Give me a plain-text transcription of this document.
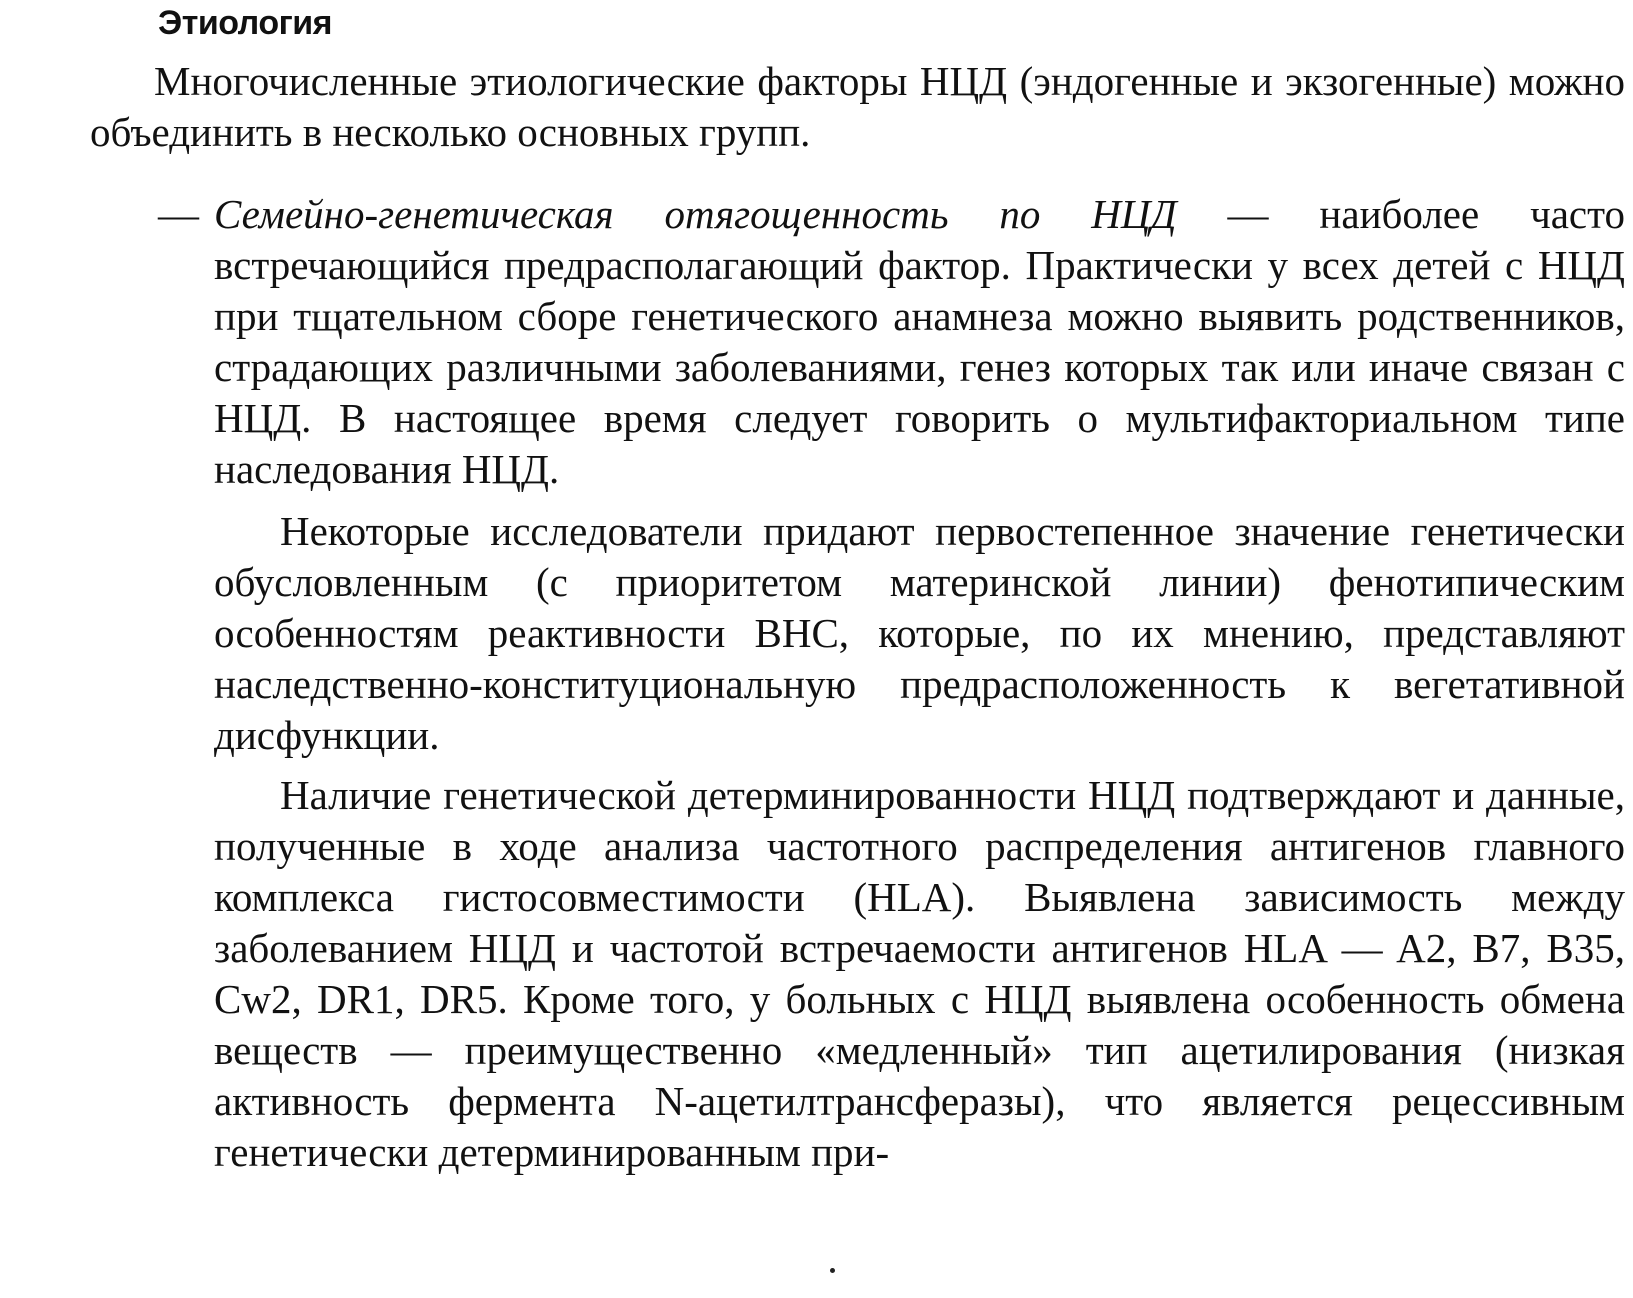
Этиология

Многочисленные этиологические факторы НЦД (эндогенные и экзогенные) можно объединить в несколько основных групп.

— Семейно-генетическая отягощенность по НЦД — наиболее часто встречающийся предрасполагающий фактор. Практически у всех детей с НЦД при тщательном сборе генетического анамнеза можно выявить родственников, страдающих различными заболеваниями, генез которых так или иначе связан с НЦД. В настоящее время следует говорить о мультифакториальном типе наследования НЦД.

Некоторые исследователи придают первостепенное значение генетически обусловленным (с приоритетом материнской линии) фенотипическим особенностям реактивности ВНС, которые, по их мнению, представляют наследственно-конституциональную предрасположенность к вегетативной дисфункции.

Наличие генетической детерминированности НЦД подтверждают и данные, полученные в ходе анализа частотного распределения антигенов главного комплекса гистосовместимости (HLA). Выявлена зависимость между заболеванием НЦД и частотой встречаемости антигенов HLA — A2, B7, B35, Cw2, DR1, DR5. Кроме того, у больных с НЦД выявлена особенность обмена веществ — преимущественно «медленный» тип ацетилирования (низкая активность фермента N-ацетилтрансферазы), что является рецессивным генетически детерминированным при-
